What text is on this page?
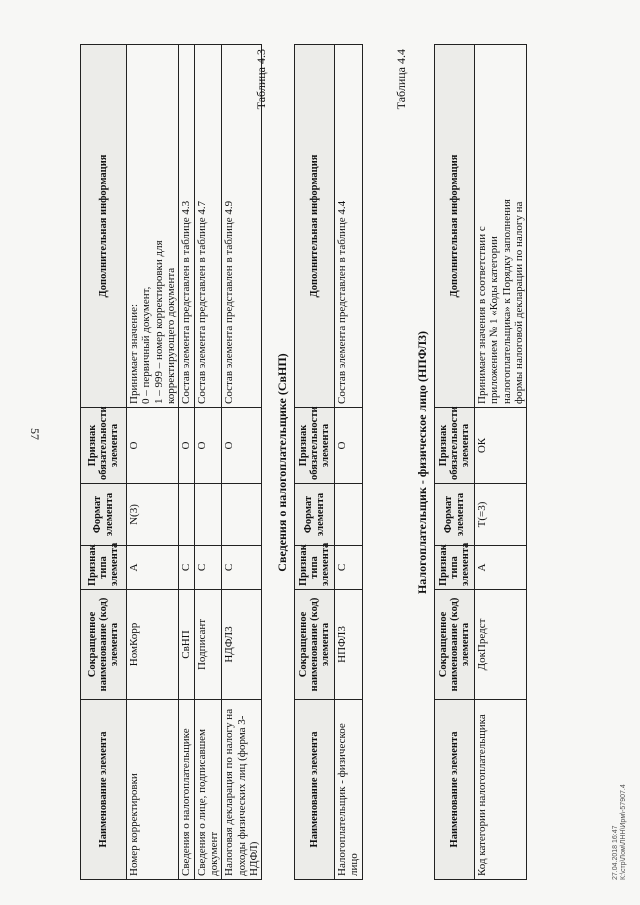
57
Наименование элемента	Сокращенное наименование (код) элемента	Признак типа элемента	Формат элемента	Признак обязательности элемента	Дополнительная информация
Номер корректировки	НомКорр	А	N(3)	О	Принимает значение: 0 – первичный документ, 1 – 999 – номер корректировки для корректирующего документа

Сведения о налогоплательщике	СвНП	С		О	Состав элемента представлен в таблице 4.3
Сведения о лице, подписавшем документ	Подписант	С		О	Состав элемента представлен в таблице 4.7
Налоговая декларация по налогу на доходы физических лиц (форма 3-НДФЛ)	НДФЛ3	С		О	Состав элемента представлен в таблице 4.9
Таблица 4.3
Сведения о налогоплательщике (СвНП)
Наименование элемента	Сокращенное наименование (код) элемента	Признак типа элемента	Формат элемента	Признак обязательности элемента	Дополнительная информация
Налогоплательщик - физическое лицо	НПФЛ3	С		О	Состав элемента представлен в таблице 4.4
Таблица 4.4
Налогоплательщик - физическое лицо (НПФЛ3)
Наименование элемента	Сокращенное наименование (код) элемента	Признак типа элемента	Формат элемента	Признак обязательности элемента	Дополнительная информация
Код категории налогоплательщика	ДокПредст	А	T(=3)	ОК	Принимает значения в соответствии с приложением № 1 «Коды категории налогоплательщика» к Порядку заполнения формы налоговой декларации по налогу на
27.04.2018 16:47 К:\стр\Лом\ЛНН\Ирм\-57907.4
